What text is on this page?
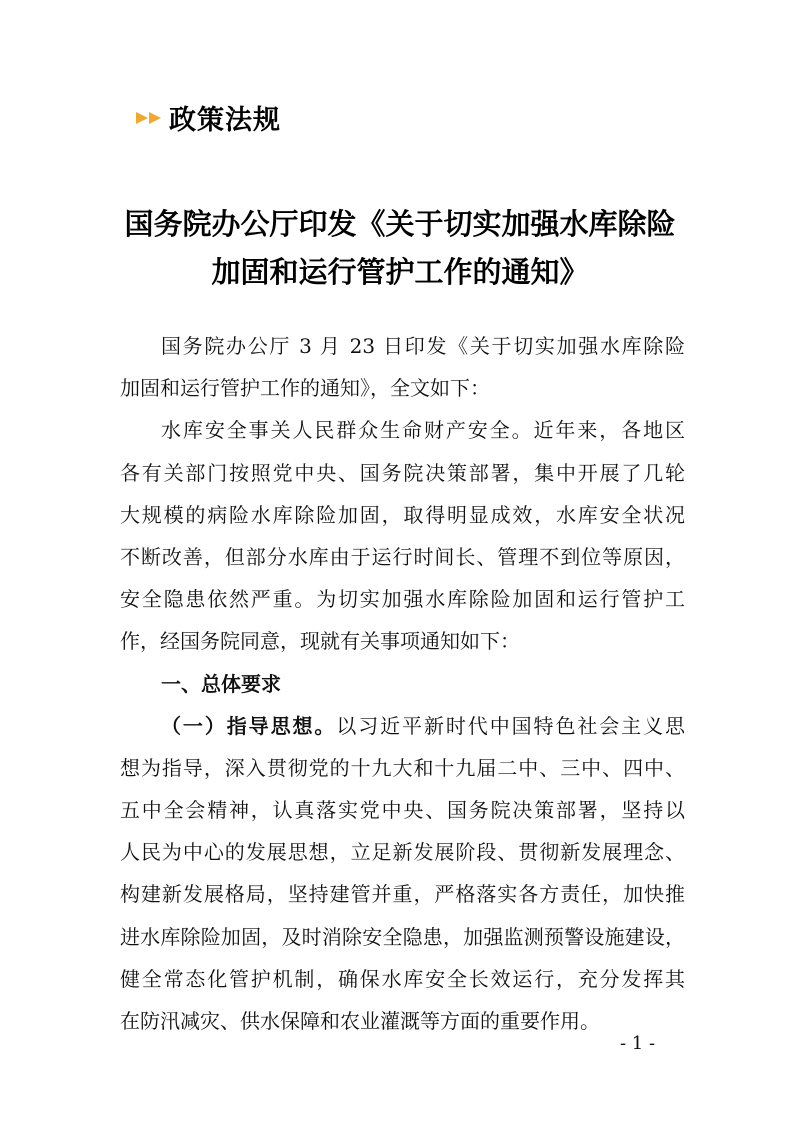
政策法规
国务院办公厅印发《关于切实加强水库除险
加固和运行管护工作的通知》
国务院办公厅 3 月 23 日印发《关于切实加强水库除险
加固和运行管护工作的通知》，全文如下：
水库安全事关人民群众生命财产安全。近年来，各地区
各有关部门按照党中央、国务院决策部署，集中开展了几轮
大规模的病险水库除险加固，取得明显成效，水库安全状况
不断改善，但部分水库由于运行时间长、管理不到位等原因，
安全隐患依然严重。为切实加强水库除险加固和运行管护工
作，经国务院同意，现就有关事项通知如下：
一、总体要求
（一）指导思想。以习近平新时代中国特色社会主义思
想为指导，深入贯彻党的十九大和十九届二中、三中、四中、
五中全会精神，认真落实党中央、国务院决策部署，坚持以
人民为中心的发展思想，立足新发展阶段、贯彻新发展理念、
构建新发展格局，坚持建管并重，严格落实各方责任，加快推
进水库除险加固，及时消除安全隐患，加强监测预警设施建设，
健全常态化管护机制，确保水库安全长效运行，充分发挥其
在防汛减灾、供水保障和农业灌溉等方面的重要作用。
- 1 -
